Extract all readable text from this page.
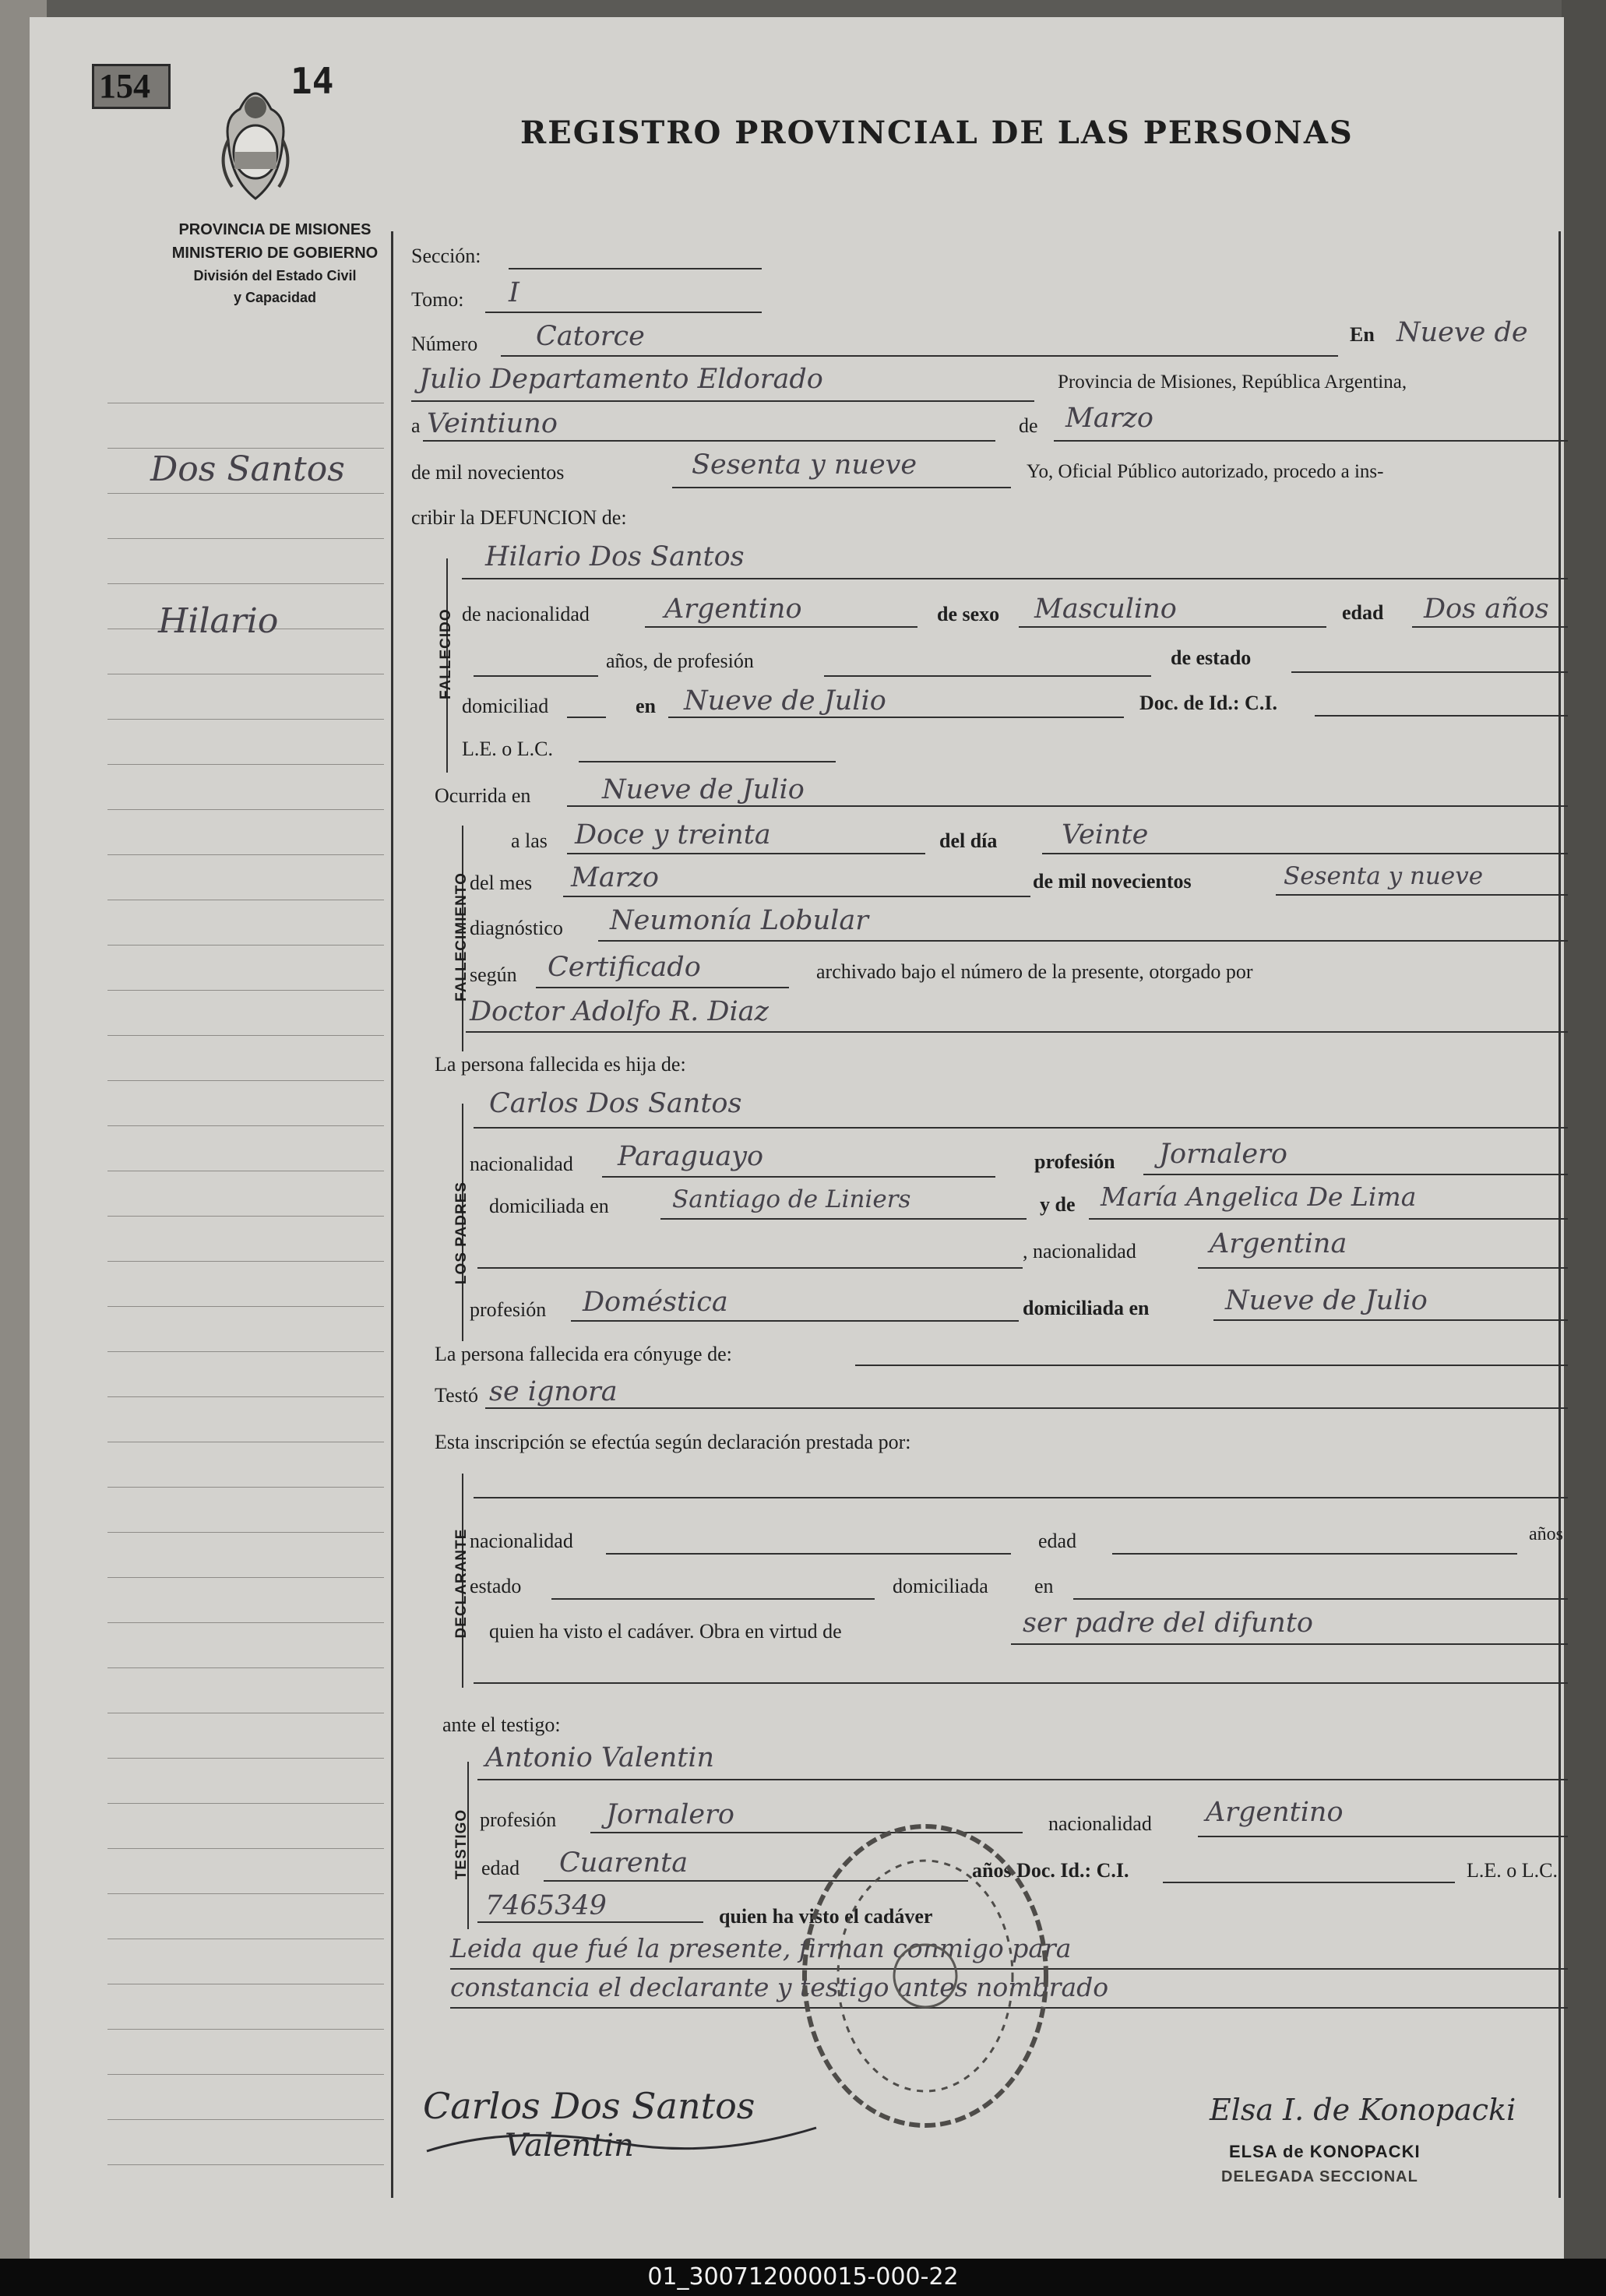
154	14
REGISTRO PROVINCIAL DE LAS PERSONAS
PROVINCIA DE MISIONES
MINISTERIO DE GOBIERNO
División del Estado Civil
y Capacidad
Dos Santos
Hilario
Sección:
Tomo: I
Número Catorce	En Nueve de
Julio Departamento Eldorado	Provincia de Misiones, República Argentina,
a Veintiuno	de Marzo
de mil novecientos	Sesenta y nueve	Yo, Oficial Público autorizado, procedo a ins-
cribir la DEFUNCION de:
FALLECIDO
Hilario Dos Santos
de nacionalidad	Argentino	de sexo Masculino	edad Dos años
años, de profesión	de estado
domiciliad	en Nueve de Julio	Doc. de Id.: C.I.
L.E. o L.C.
Ocurrida en	Nueve de Julio
FALLECIMIENTO
a las Doce y treinta	del día Veinte
del mes Marzo	de mil novecientos	Sesenta y nueve
diagnóstico Neumonía Lobular
según Certificado	archivado bajo el número de la presente, otorgado por
Doctor Adolfo R. Diaz
La persona fallecida es hija de:
LOS PADRES
Carlos Dos Santos
nacionalidad Paraguayo	profesión Jornalero
domiciliada en	Santiago de Liniers	y de María Angelica De Lima
, nacionalidad	Argentina
profesión Doméstica	domiciliada en	Nueve de Julio
La persona fallecida era cónyuge de:
Testó se ignora
Esta inscripción se efectúa según declaración prestada por:
DECLARANTE nacionalidad	edad	años
estado	domiciliada en
quien ha visto el cadáver. Obra en virtud de	ser padre del difunto
ante el testigo:
TESTIGO
Antonio Valentin
profesión Jornalero	nacionalidad Argentino
edad Cuarenta	años Doc. Id.: C.I.	L.E. o L.C.
7465349	quien ha visto el cadáver
Leida que fué la presente, firman conmigo para
constancia el declarante y testigo antes nombrado
Carlos Dos Santos
Valentin
Elsa I. de Konopacki
ELSA de KONOPACKI
DELEGADA SECCIONAL
01_300712000015-000-22
